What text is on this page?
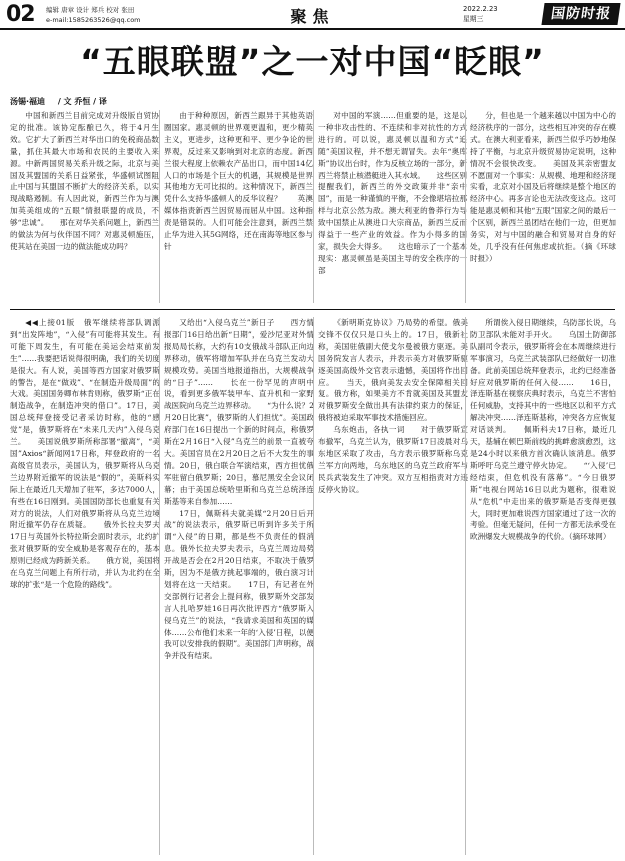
02 编辑 唐章 设计 郑兵 校对 张田
e-mail:1585263526@qq.com	聚焦	2022.2.23
星期三	国防时报
“五眼联盟”之一对中国“眨眼”
汤锡·福迪 / 文 乔恒 / 译

中国和新西兰目前完成对升级版自贸协定的批准。该协定酝酿已久，将于4月生效。它扩大了新西兰对华出口的免税商品数量，抓住其最大市场和农民的主要收入来源。中新两国贸易关系升级之际，北京与美国及其盟国的关系日益紧张，华盛顿试图阻止中国与其盟国不断扩大的经济关系，以实现战略遏制。有人因此说，新西兰作为与澳加英美组成的“五眼”情报联盟的成员，不够“忠诚”。　　那在对华关系问题上，新西兰的做法为何与伙伴国不同？对惠灵顿施压，使其站在美国一边的做法能成功吗？

由于种种原因，新西兰跟异于其他英语圈国家。惠灵顿的世界观更温和，更少精英主义，更进步，这种更和平、更少争论的世界观，反过来又影响到对北京的态度。新西兰很大程度上依赖农产品出口，而中国14亿人口的市场是个巨大的机遇，其规模是世界其他地方无可比拟的。这种情况下，新西兰凭什么支持华盛顿人的反华议程？　　英澳媒体指责新西兰因贸易而屈从中国。这种指责是错误的。人们可能会注意到，新西兰禁止华为进入其5G网络，还在南海等地区参与针

对中国的军演……但重要的是，这是以一种非攻击性的、不连续和非对抗性的方式进行的。可以说，惠灵顿以温和方式“追随”美国议程，并不想无谓冒失。去年“奥库斯”协议出台时，作为反核立场的一部分，新西兰将禁止核潜艇进入其水域。　　这些区别提醒我们，新西兰的外交政策并非“亲中国”，而是一种谨慎的平衡，不会像堪培拉那样与北京公然为敌。澳大利亚的鲁莽行为导致中国禁止从澳进口大宗商品，新西兰反而得益于一些产业的效益。作为小得多的国家，损失会大得多。　　这也暗示了一个基本现实：惠灵顿虽是美国主导的安全秩序的一部

分，但也是一个越来越以中国为中心的经济秩序的一部分，这些相互冲突的存在模式。在澳大利亚看来，新西兰似乎巧妙地保持了平衡，与北京升级贸易协定说明，这种情况不会很快改变。　　美国及其亲密盟友不愿面对一个事实：从规模、地理和经济现实看，北京对小国及后将继续是整个地区的经济中心。再多言论也无法改变这点。这可能是惠灵顿和其他“五眼”国家之间的最后一个区别，新西兰虽团结在他们一边，但更加务实，对与中国的融合和贸易对自身的好处，几乎没有任何焦虑或抗拒。（摘《环球时报》）

◀◀上接01版　俄军继续将部队调派到“出发阵地”，“入侵”有可能将其发生。有可能下周发生，有可能在美运会结束前发生”……我要把话说得很明确，我们的关切度是很大。有人说，美国等西方国家对俄罗斯的警告，是在“做戏”、“在制造升级局面”的大戏。美国国务卿布林肯则称，俄罗斯“正在制造战争，在制造冲突的借口”。17日，美国总统拜登接受记者采访时称，他的“感觉”是，俄罗斯将在“未来几天内”入侵乌克兰。　　美国说俄罗斯所称部署“撤离”，“美国”Axios“新闻网17日称，拜登政府的一名高级官员表示，美国认为，俄罗斯将从乌克兰边界附近撤军的说法是“假的”，美斯科实际上在最近几天增加了驻军，多达7000人，有些在16日刚到。美国国防部长也重复有关对方的说法，人们对俄罗斯将从乌克兰边境附近撤军仍存在质疑。　　俄外长拉夫罗夫17日与英国外长特拉斯会面时表示，北约扩张对俄罗斯的安全威胁是客观存在的，基本原则已经成为跨新关系。　　俄方说，美国将在乌克兰问题上有所行动，并认为北约在全球的扩张“是一个危险的路线”。

又给出“入侵乌克兰”新日子　　西方情报部门16日给出新“日期”，爱沙尼亚对外情报局局长称，大约有10支俄战斗部队正向边界移动，俄军将增加军队并在乌克兰发动大规模攻势。美国当地报道指出，大规模战争的“日子”……　　长在一份罕见的声明中说，看到更多俄军装甲车、直升机和一家野战医院向乌克兰边界移动。　　“为什么说？2月20日比赛”，俄罗斯的人们担忧”。美国政府部门在16日提出一个新的时间点，称俄罗斯在2月16日“入侵”乌克兰的前景一直被夸大。美国官员在2月20日之后不大发生的事情。20日，俄白联合军演结束，西方担忧俄军驻留白俄罗斯；20日，慕尼黑安全会议闭幕；由于美国总统哈里斯和乌克兰总统泽连斯基等来自参加……

17日，佩斯科夫就美媒“2月20日后开战”的说法表示，俄罗斯已听到许多关于所谓“入侵”的日期，都是些不负责任的假消息。俄外长拉夫罗夫表示，乌克兰周边局势开战是否会在2月20日结束，不取决于俄罗斯，因为不是俄方挑起事端的，俄白演习计划将在这一天结束。　　17日，有记者在外交部例行记者会上提问称，俄罗斯外交部发言人扎哈罗娃16日再次批评西方“俄罗斯入侵乌克兰”的说法，“我请求美国和英国的媒体……公布他们未来一年的‘入侵’日程，以便我可以安排我的假期”。美国部门声明称，战争并没有结束。

《新明斯克协议》乃局势的希望。俄美交锋不仅仅只是口头上的。17日，俄新社称，美国驻俄副大使戈尔曼被俄方驱逐。美国务院发言人表示，并表示美方对俄罗斯驱逐美国高级外交官表示遗憾，美国将作出回应。　　当天，俄向美发去安全保障相关回复。俄方称，如果美方不肯就美国及其盟友对俄罗斯安全做出具有法律约束力的保证，俄将被迫采取军事技术措施回应。

乌东炮击，各执一词　　对于俄罗斯宣布撤军，乌克兰认为，俄罗斯17日凌晨对乌东地区采取了攻击，乌方表示俄罗斯称乌克兰军方向两地，乌东地区的乌克兰政府军与民兵武装发生了冲突。双方互相指责对方违反停火协议。

所谓俟入侵日期继续，乌防部长说，乌防卫部队未能对手开火。　　乌国土防御部队副司令表示，俄罗斯将会在本周继续进行军事演习，乌克兰武装部队已经做好一切准备。此前美国总统拜登表示，北约已经准备好应对俄罗斯的任何入侵……　　16日，泽连斯基在视察庆典时表示，乌克兰不害怕任何威胁，支持其中的一些地区以和平方式解决冲突……泽连斯基称，冲突各方应恢复对话谈判。　　佩斯科夫17日称，最近几天，基辅在顿巴斯前线的挑衅愈演愈烈，这是24小时以来俄方首次确认该消息。俄罗斯呼吁乌克兰遵守停火协定。　　“‘入侵’已经结束，但危机没有落幕”。“今日俄罗斯”电视台网站16日以此为题称，很难说从“危机”中走出来的俄罗斯是否变得更强大，同时更加难说西方国家通过了这一次的考验。但毫无疑问，任何一方都无法承受在欧洲爆发大规模战争的代价。（摘环球网）
